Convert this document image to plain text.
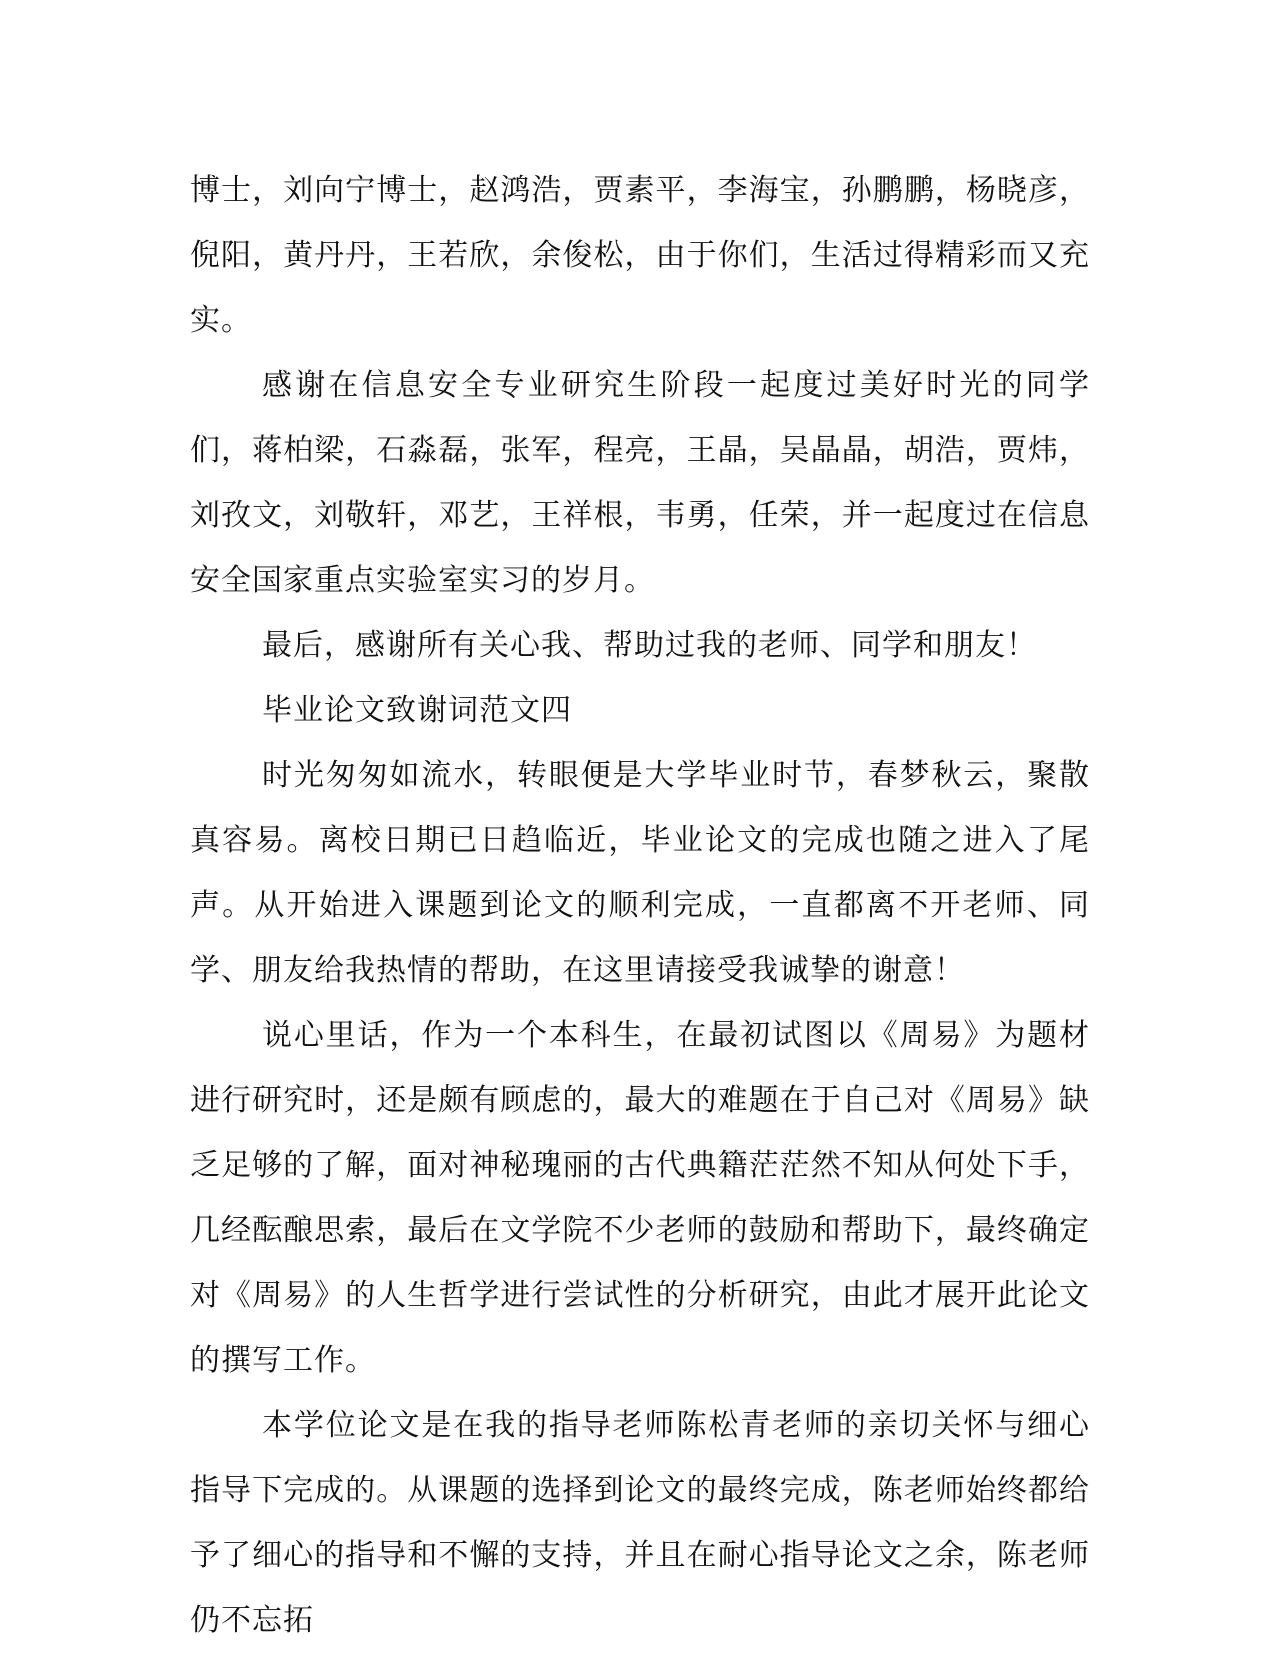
博士，刘向宁博士，赵鸿浩，贾素平，李海宝，孙鹏鹏，杨晓彦，倪阳，黄丹丹，王若欣，余俊松，由于你们，生活过得精彩而又充实。

感谢在信息安全专业研究生阶段一起度过美好时光的同学们，蒋柏梁，石淼磊，张军，程亮，王晶，吴晶晶，胡浩，贾炜，刘孜文，刘敬轩，邓艺，王祥根，韦勇，任荣，并一起度过在信息安全国家重点实验室实习的岁月。

最后，感谢所有关心我、帮助过我的老师、同学和朋友！

毕业论文致谢词范文四

时光匆匆如流水，转眼便是大学毕业时节，春梦秋云，聚散真容易。离校日期已日趋临近，毕业论文的完成也随之进入了尾声。从开始进入课题到论文的顺利完成，一直都离不开老师、同学、朋友给我热情的帮助，在这里请接受我诚挚的谢意！

说心里话，作为一个本科生，在最初试图以《周易》为题材进行研究时，还是颇有顾虑的，最大的难题在于自己对《周易》缺乏足够的了解，面对神秘瑰丽的古代典籍茫茫然不知从何处下手，几经酝酿思索，最后在文学院不少老师的鼓励和帮助下，最终确定对《周易》的人生哲学进行尝试性的分析研究，由此才展开此论文的撰写工作。

本学位论文是在我的指导老师陈松青老师的亲切关怀与细心指导下完成的。从课题的选择到论文的最终完成，陈老师始终都给予了细心的指导和不懈的支持，并且在耐心指导论文之余，陈老师仍不忘拓
